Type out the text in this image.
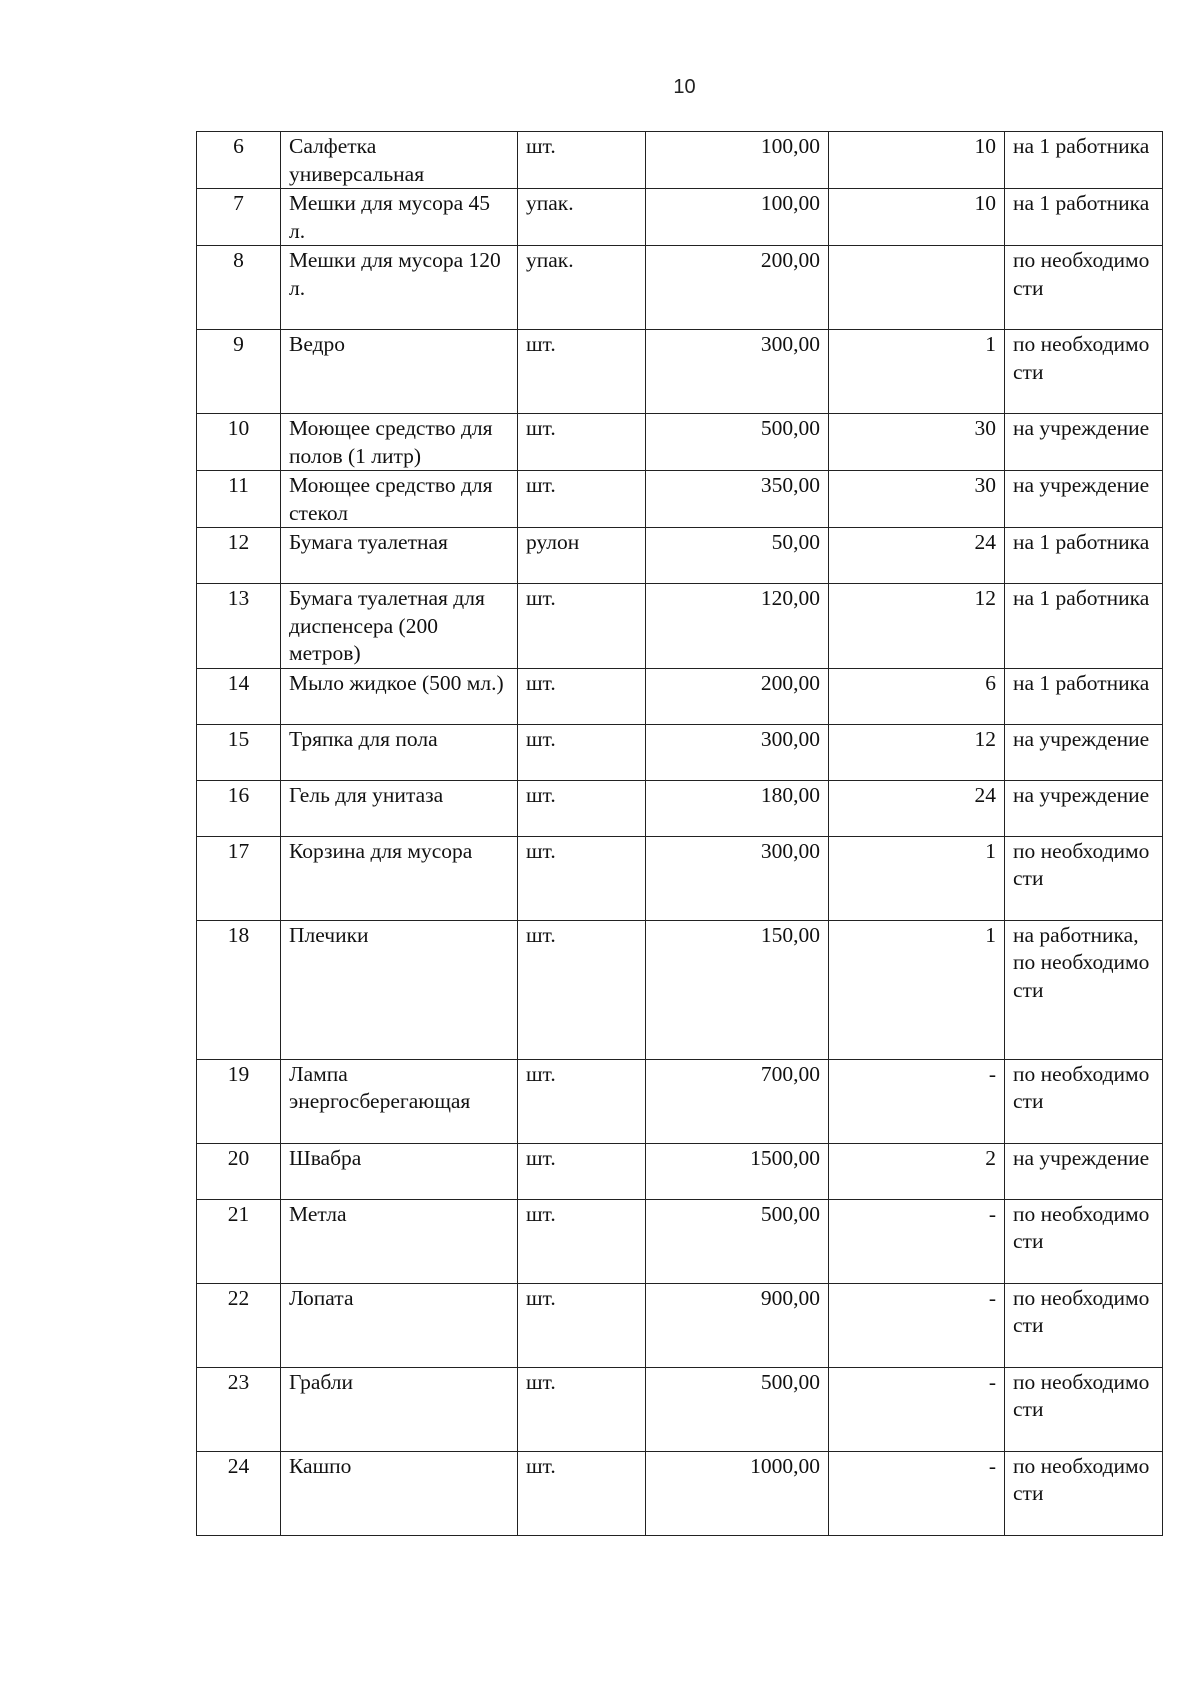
10
6	Салфетка универсальная	шт.	100,00	10	на 1 работника
7	Мешки для мусора 45 л.	упак.	100,00	10	на 1 работника
8	Мешки для мусора 120 л.	упак.	200,00		по необходимо сти
9	Ведро	шт.	300,00	1	по необходимо сти
10	Моющее средство для полов (1 литр)	шт.	500,00	30	на учреждение
11	Моющее средство для стекол	шт.	350,00	30	на учреждение
12	Бумага туалетная	рулон	50,00	24	на 1 работника
13	Бумага туалетная для диспенсера (200 метров)	шт.	120,00	12	на 1 работника
14	Мыло жидкое (500 мл.)	шт.	200,00	6	на 1 работника
15	Тряпка для пола	шт.	300,00	12	на учреждение
16	Гель для унитаза	шт.	180,00	24	на учреждение
17	Корзина для мусора	шт.	300,00	1	по необходимо сти
18	Плечики	шт.	150,00	1	на работника, по необходимо сти
19	Лампа энергосберегающая	шт.	700,00	-	по необходимо сти
20	Швабра	шт.	1500,00	2	на учреждение
21	Метла	шт.	500,00	-	по необходимо сти
22	Лопата	шт.	900,00	-	по необходимо сти
23	Грабли	шт.	500,00	-	по необходимо сти
24	Кашпо	шт.	1000,00	-	по необходимо сти
